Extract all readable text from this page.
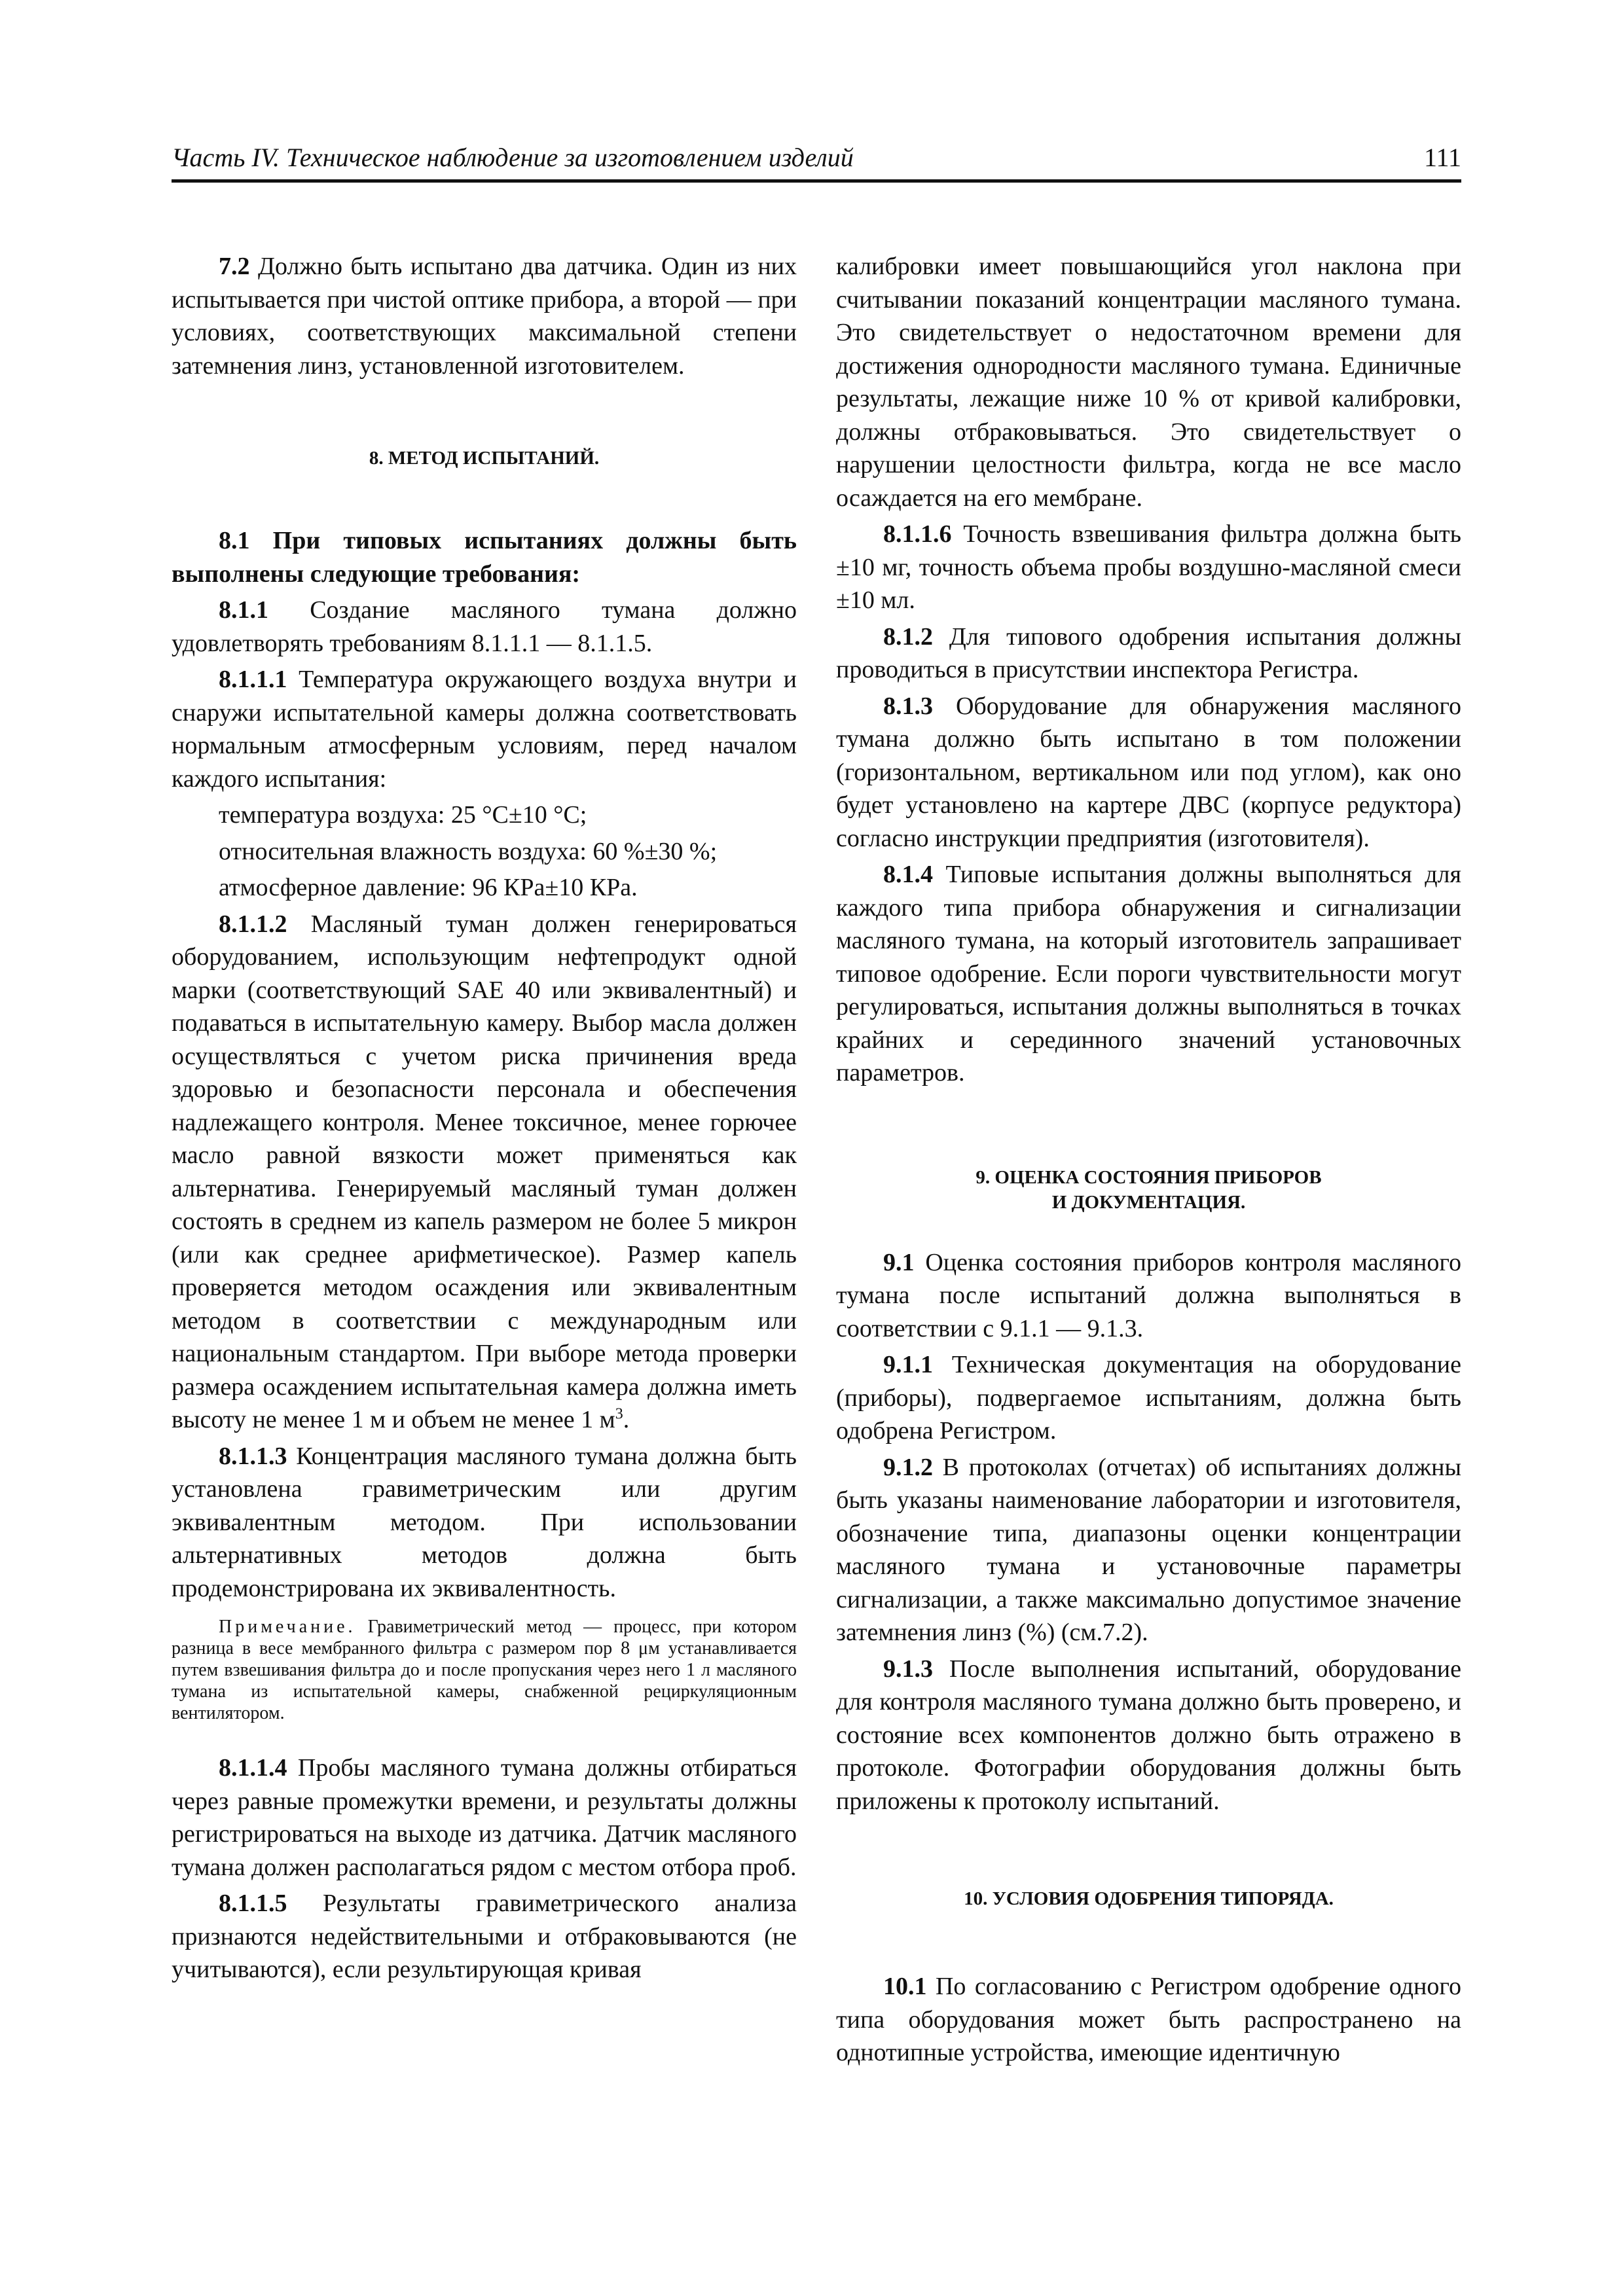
Часть IV. Техническое наблюдение за изготовлением изделий	111

7.2 Должно быть испытано два датчика. Один из них испытывается при чистой оптике прибора, а второй — при условиях, соответствующих максимальной степени затемнения линз, установленной изготовителем.

8. МЕТОД ИСПЫТАНИЙ.

8.1 При типовых испытаниях должны быть выполнены следующие требования:

8.1.1 Создание масляного тумана должно удовлетворять требованиям 8.1.1.1 — 8.1.1.5.

8.1.1.1 Температура окружающего воздуха внутри и снаружи испытательной камеры должна соответствовать нормальным атмосферным условиям, перед началом каждого испытания:

температура воздуха: 25 °С±10 °С;

относительная влажность воздуха: 60 %±30 %;

атмосферное давление: 96 КРа±10 КРа.

8.1.1.2 Масляный туман должен генерироваться оборудованием, использующим нефтепродукт одной марки (соответствующий SAE 40 или эквивалентный) и подаваться в испытательную камеру. Выбор масла должен осуществляться с учетом риска причинения вреда здоровью и безопасности персонала и обеспечения надлежащего контроля. Менее токсичное, менее горючее масло равной вязкости может применяться как альтернатива. Генерируемый масляный туман должен состоять в среднем из капель размером не более 5 микрон (или как среднее арифметическое). Размер капель проверяется методом осаждения или эквивалентным методом в соответствии с международным или национальным стандартом. При выборе метода проверки размера осаждением испытательная камера должна иметь высоту не менее 1 м и объем не менее 1 $м^3$.

8.1.1.3 Концентрация масляного тумана должна быть установлена гравиметрическим или другим эквивалентным методом. При использовании альтернативных методов должна быть продемонстрирована их эквивалентность.

Примечание. Гравиметрический метод — процесс, при котором разница в весе мембранного фильтра с размером пор 8 μм устанавливается путем взвешивания фильтра до и после пропускания через него 1 л масляного тумана из испытательной камеры, снабженной рециркуляционным вентилятором.

8.1.1.4 Пробы масляного тумана должны отбираться через равные промежутки времени, и результаты должны регистрироваться на выходе из датчика. Датчик масляного тумана должен располагаться рядом с местом отбора проб.

8.1.1.5 Результаты гравиметрического анализа признаются недействительными и отбраковываются (не учитываются), если результирующая кривая

калибровки имеет повышающийся угол наклона при считывании показаний концентрации масляного тумана. Это свидетельствует о недостаточном времени для достижения однородности масляного тумана. Единичные результаты, лежащие ниже 10 % от кривой калибровки, должны отбраковываться. Это свидетельствует о нарушении целостности фильтра, когда не все масло осаждается на его мембране.

8.1.1.6 Точность взвешивания фильтра должна быть ±10 мг, точность объема пробы воздушно-масляной смеси ±10 мл.

8.1.2 Для типового одобрения испытания должны проводиться в присутствии инспектора Регистра.

8.1.3 Оборудование для обнаружения масляного тумана должно быть испытано в том положении (горизонтальном, вертикальном или под углом), как оно будет установлено на картере ДВС (корпусе редуктора) согласно инструкции предприятия (изготовителя).

8.1.4 Типовые испытания должны выполняться для каждого типа прибора обнаружения и сигнализации масляного тумана, на который изготовитель запрашивает типовое одобрение. Если пороги чувствительности могут регулироваться, испытания должны выполняться в точках крайних и серединного значений установочных параметров.

9. ОЦЕНКА СОСТОЯНИЯ ПРИБОРОВ

И ДОКУМЕНТАЦИЯ.

9.1 Оценка состояния приборов контроля масляного тумана после испытаний должна выполняться в соответствии с 9.1.1 — 9.1.3.

9.1.1 Техническая документация на оборудование (приборы), подвергаемое испытаниям, должна быть одобрена Регистром.

9.1.2 В протоколах (отчетах) об испытаниях должны быть указаны наименование лаборатории и изготовителя, обозначение типа, диапазоны оценки концентрации масляного тумана и установочные параметры сигнализации, а также максимально допустимое значение затемнения линз (%) (см.7.2).

9.1.3 После выполнения испытаний, оборудование для контроля масляного тумана должно быть проверено, и состояние всех компонентов должно быть отражено в протоколе. Фотографии оборудования должны быть приложены к протоколу испытаний.

10. УСЛОВИЯ ОДОБРЕНИЯ ТИПОРЯДА.

10.1 По согласованию с Регистром одобрение одного типа оборудования может быть распространено на однотипные устройства, имеющие идентичную
